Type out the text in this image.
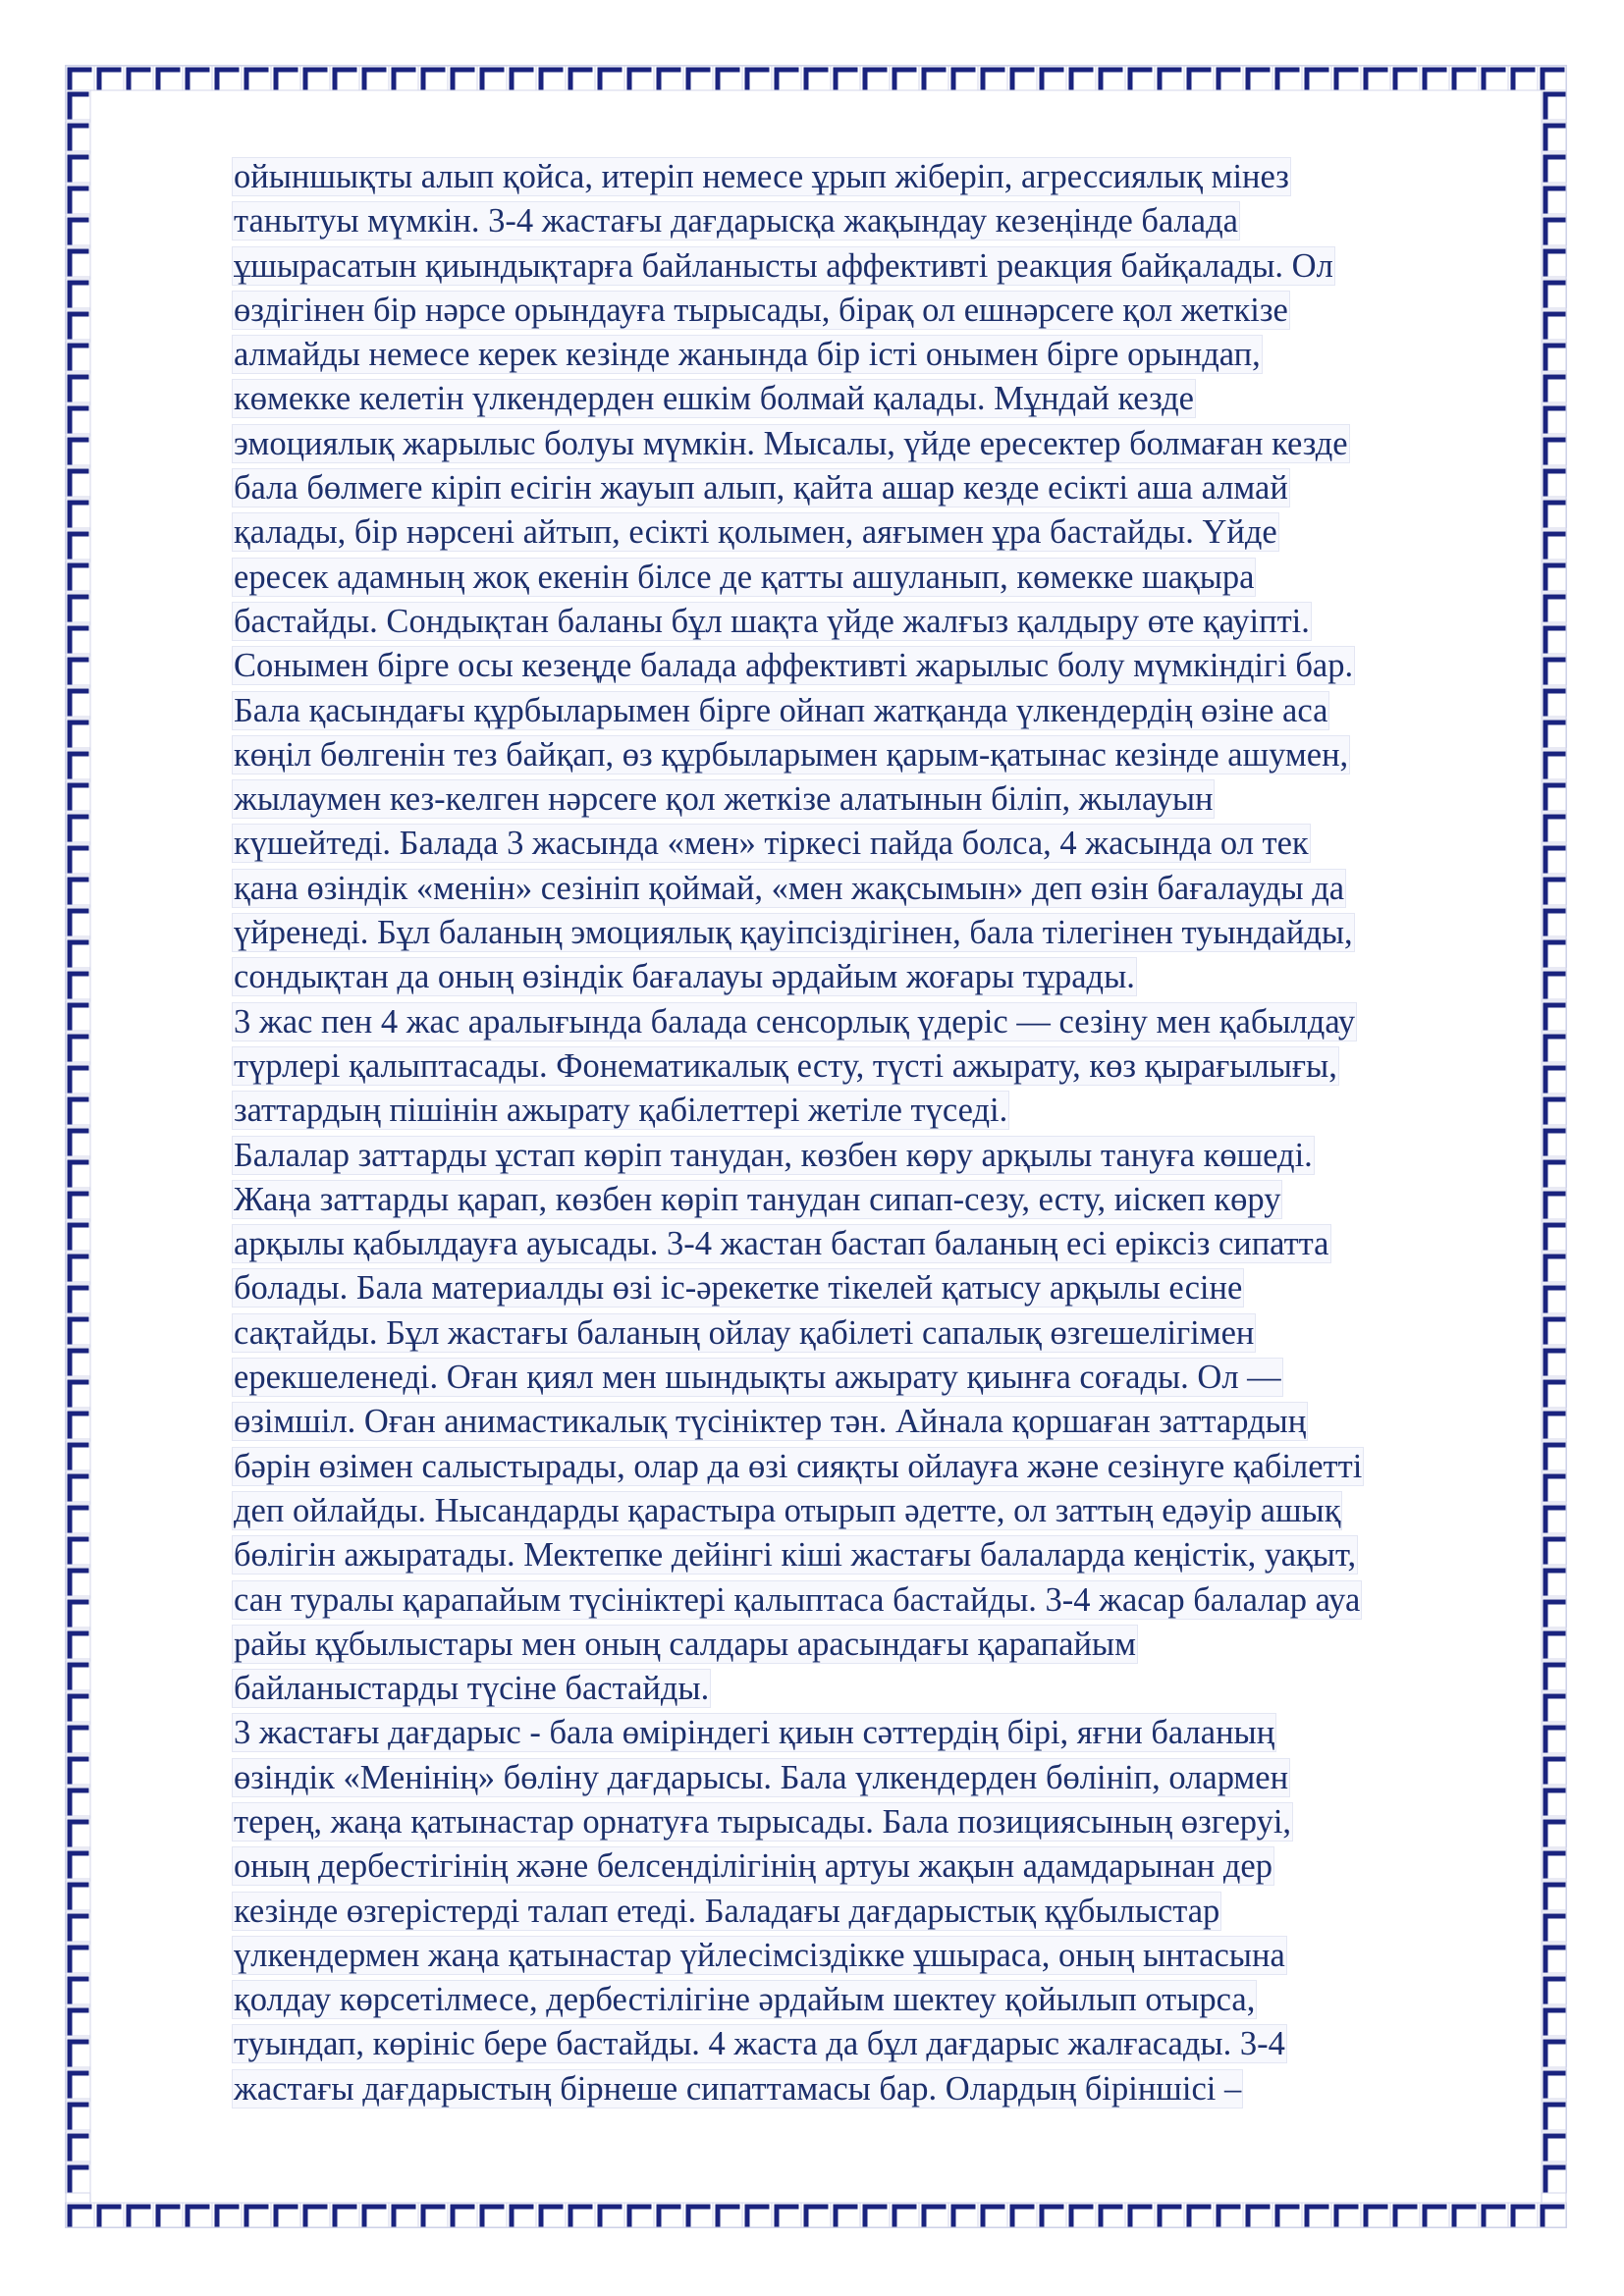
ойыншықты алып қойса, итеріп немесе ұрып жіберіп, агрессиялық мінез
танытуы мүмкін. 3-4 жастағы дағдарысқа жақындау кезеңінде балада
ұшырасатын қиындықтарға байланысты аффективті реакция байқалады. Ол
өздігінен бір нәрсе орындауға тырысады, бірақ ол ешнәрсеге қол жеткізе
алмайды немесе керек кезінде жанында бір істі онымен бірге орындап,
көмекке келетін үлкендерден ешкім болмай қалады. Мұндай кезде
эмоциялық жарылыс болуы мүмкін. Мысалы, үйде ересектер болмаған кезде
бала бөлмеге кіріп есігін жауып алып, қайта ашар кезде есікті аша алмай
қалады, бір нәрсені айтып, есікті қолымен, аяғымен ұра бастайды. Үйде
ересек адамның жоқ екенін білсе де қатты ашуланып, көмекке шақыра
бастайды. Сондықтан баланы бұл шақта үйде жалғыз қалдыру өте қауіпті.
Сонымен бірге осы кезеңде балада аффективті жарылыс болу мүмкіндігі бар.
Бала қасындағы құрбыларымен бірге ойнап жатқанда үлкендердің өзіне аса
көңіл бөлгенін тез байқап, өз құрбыларымен қарым-қатынас кезінде ашумен,
жылаумен кез-келген нәрсеге қол жеткізе алатынын біліп, жылауын
күшейтеді. Балада 3 жасында «мен» тіркесі пайда болса, 4 жасында ол тек
қана өзіндік «менін» сезініп қоймай, «мен жақсымын» деп өзін бағалауды да
үйренеді. Бұл баланың эмоциялық қауіпсіздігінен, бала тілегінен туындайды,
сондықтан да оның өзіндік бағалауы әрдайым жоғары тұрады.
3 жас пен 4 жас аралығында балада сенсорлық үдеріс — сезіну мен қабылдау
түрлері қалыптасады. Фонематикалық есту, түсті ажырату, көз қырағылығы,
заттардың пішінін ажырату қабілеттері жетіле түседі.
Балалар заттарды ұстап көріп танудан, көзбен көру арқылы тануға көшеді.
Жаңа заттарды қарап, көзбен көріп танудан сипап-сезу, есту, иіскеп көру
арқылы қабылдауға ауысады. 3-4 жастан бастап баланың есі ерiксiз сипатта
болады. Бала материалды өзі іс-әрекетке тікелей қатысу арқылы есіне
сақтайды. Бұл жастағы баланың ойлау қабілеті сапалық өзгешелігімен
ерекшеленеді. Оған қиял мен шындықты ажырату қиынға соғады. Ол —
өзімшіл. Оған анимастикалық түсініктер тән. Айнала қоршаған заттардың
бәрін өзімен салыстырады, олар да өзі сияқты ойлауға және сезінуге қабілетті
деп ойлайды. Нысандарды қарастыра отырып әдетте, ол заттың едәуір ашық
бөлігін ажыратады. Мектепке дейінгі кіші жастағы балаларда кеңістік, уақыт,
сан туралы қарапайым түсініктері қалыптаса бастайды. 3-4 жасар балалар ауа
райы құбылыстары мен оның салдары арасындағы қарапайым
байланыстарды түсіне бастайды.
3 жастағы дағдарыс - бала өміріндегі қиын сәттердің бірі, яғни баланың
өзіндік «Менінің» бөліну дағдарысы. Бала үлкендерден бөлініп, олармен
терең, жаңа қатынастар орнатуға тырысады. Бала позициясының өзгеруі,
оның дербестігінің және белсенділігінің артуы жақын адамдарынан дер
кезінде өзгерістерді талап етеді. Баладағы дағдарыстық құбылыстар
үлкендермен жаңа қатынастар үйлесімсіздікке ұшыраса, оның ынтасына
қолдау көрсетілмесе, дербестілігіне әрдайым шектеу қойылып отырса,
туындап, көрініс бере бастайды. 4 жаста да бұл дағдарыс жалғасады. 3-4
жастағы дағдарыстың бірнеше сипаттамасы бар. Олардың біріншісі –
